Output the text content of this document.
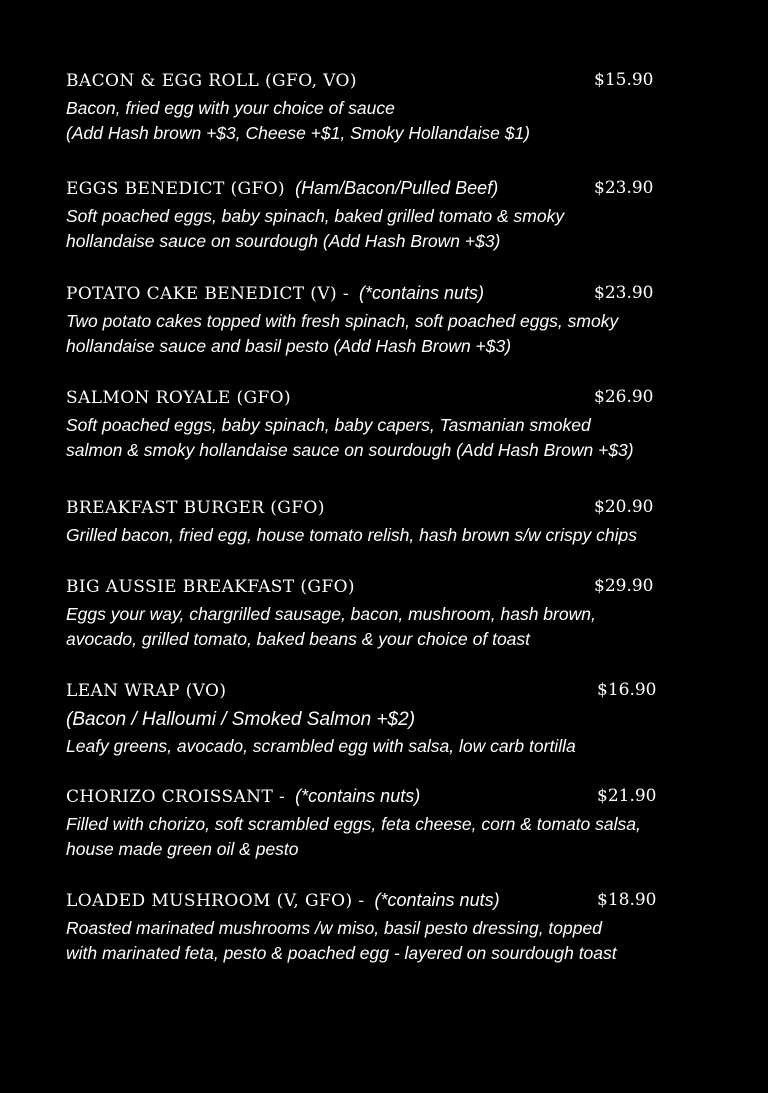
BACON & EGG ROLL (GFO, VO)	$15.90
Bacon, fried egg with your choice of sauce
(Add Hash brown +$3, Cheese +$1, Smoky Hollandaise $1)
EGGS BENEDICT (GFO) (Ham/Bacon/Pulled Beef)	$23.90
Soft poached eggs, baby spinach, baked grilled tomato & smoky
hollandaise sauce on sourdough (Add Hash Brown +$3)
POTATO CAKE BENEDICT (V) - (*contains nuts)	$23.90
Two potato cakes topped with fresh spinach, soft poached eggs, smoky
hollandaise sauce and basil pesto (Add Hash Brown +$3)
SALMON ROYALE (GFO)	$26.90
Soft poached eggs, baby spinach, baby capers, Tasmanian smoked
salmon & smoky hollandaise sauce on sourdough (Add Hash Brown +$3)
BREAKFAST BURGER (GFO)	$20.90
Grilled bacon, fried egg, house tomato relish, hash brown s/w crispy chips
BIG AUSSIE BREAKFAST (GFO)	$29.90
Eggs your way, chargrilled sausage, bacon, mushroom, hash brown,
avocado, grilled tomato, baked beans & your choice of toast
LEAN WRAP (VO)	$16.90
(Bacon / Halloumi / Smoked Salmon +$2)
Leafy greens, avocado, scrambled egg with salsa, low carb tortilla
CHORIZO CROISSANT - (*contains nuts)	$21.90
Filled with chorizo, soft scrambled eggs, feta cheese, corn & tomato salsa,
house made green oil & pesto
LOADED MUSHROOM (V, GFO) - (*contains nuts)	$18.90
Roasted marinated mushrooms /w miso, basil pesto dressing, topped
with marinated feta, pesto & poached egg - layered on sourdough toast
